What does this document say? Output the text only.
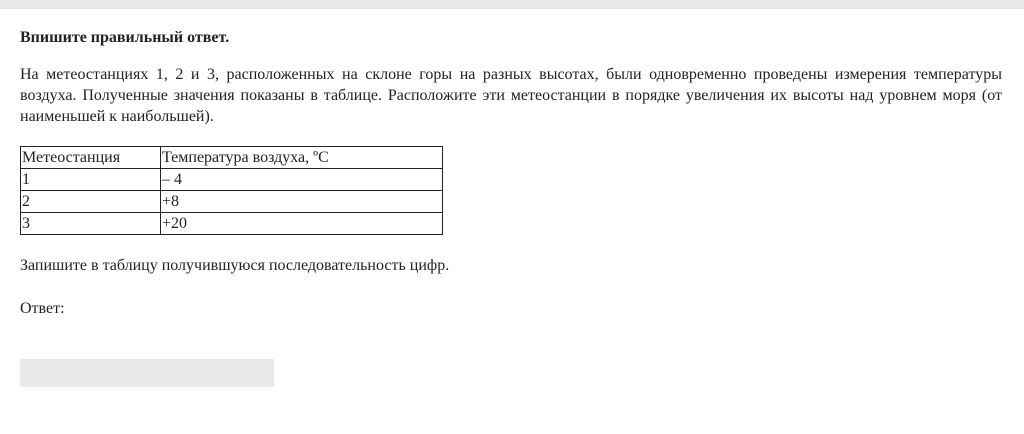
Впишите правильный ответ.

На метеостанциях 1, 2 и 3, расположенных на склоне горы на разных высотах, были одновременно проведены измерения температуры воздуха. Полученные значения показаны в таблице. Расположите эти метеостанции в порядке увеличения их высоты над уровнем моря (от наименьшей к наибольшей).

Метеостанция	Температура воздуха, ºС
1	– 4
2	+8
3	+20

Запишите в таблицу получившуюся последовательность цифр.

Ответ:
